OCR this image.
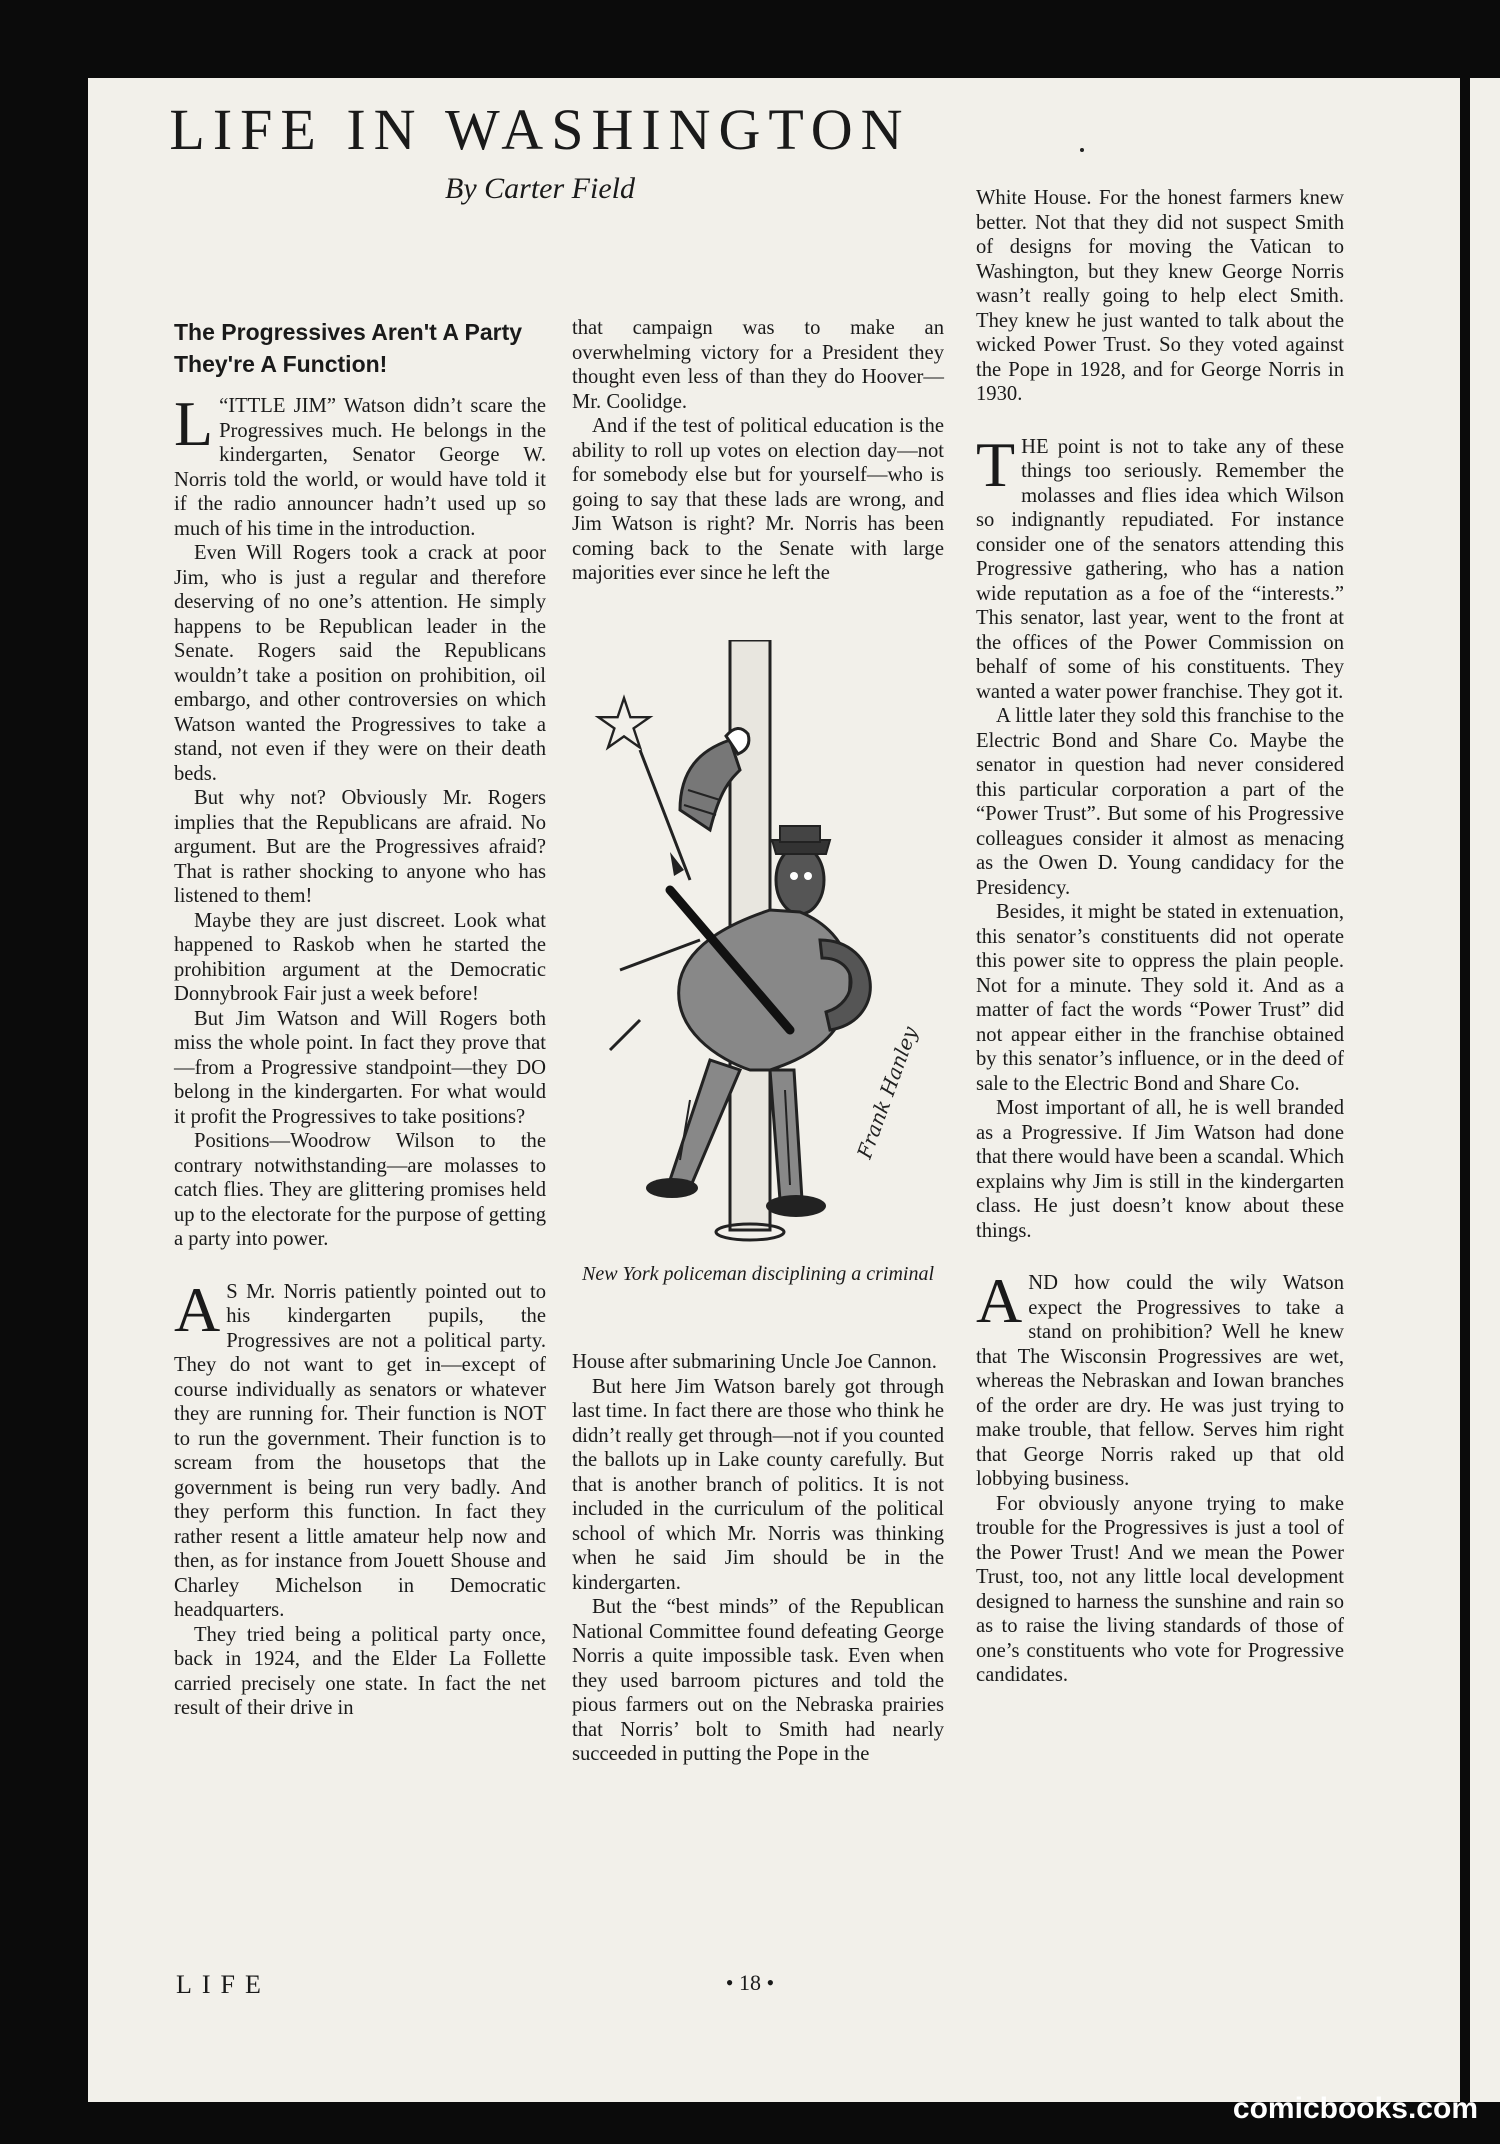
LIFE IN WASHINGTON
By Carter Field
The Progressives Aren't A Party They're A Function!

L “ITTLE JIM” Watson didn’t scare the Progressives much. He belongs in the kindergarten, Senator George W. Norris told the world, or would have told it if the radio announcer hadn’t used up so much of his time in the introduction.

Even Will Rogers took a crack at poor Jim, who is just a regular and therefore deserving of no one’s attention. He simply happens to be Republican leader in the Senate. Rogers said the Republicans wouldn’t take a position on prohibition, oil embargo, and other controversies on which Watson wanted the Progressives to take a stand, not even if they were on their death beds.

But why not? Obviously Mr. Rogers implies that the Republicans are afraid. No argument. But are the Progressives afraid? That is rather shocking to anyone who has listened to them!

Maybe they are just discreet. Look what happened to Raskob when he started the prohibition argument at the Democratic Donnybrook Fair just a week before!

But Jim Watson and Will Rogers both miss the whole point. In fact they prove that—from a Progressive standpoint—they DO belong in the kindergarten. For what would it profit the Progressives to take positions?

Positions—Woodrow Wilson to the contrary notwithstanding—are molasses to catch flies. They are glittering promises held up to the electorate for the purpose of getting a party into power.

A S Mr. Norris patiently pointed out to his kindergarten pupils, the Progressives are not a political party. They do not want to get in—except of course individually as senators or whatever they are running for. Their function is NOT to run the government. Their function is to scream from the housetops that the government is being run very badly. And they perform this function. In fact they rather resent a little amateur help now and then, as for instance from Jouett Shouse and Charley Michelson in Democratic headquarters.

They tried being a political party once, back in 1924, and the Elder La Follette carried precisely one state. In fact the net result of their drive in

that campaign was to make an overwhelming victory for a President they thought even less of than they do Hoover—Mr. Coolidge.

And if the test of political education is the ability to roll up votes on election day—not for somebody else but for yourself—who is going to say that these lads are wrong, and Jim Watson is right? Mr. Norris has been coming back to the Senate with large majorities ever since he left the

Frank Hanley
New York policeman disciplining a criminal

House after submarining Uncle Joe Cannon.

But here Jim Watson barely got through last time. In fact there are those who think he didn’t really get through—not if you counted the ballots up in Lake county carefully. But that is another branch of politics. It is not included in the curriculum of the political school of which Mr. Norris was thinking when he said Jim should be in the kindergarten.

But the “best minds” of the Republican National Committee found defeating George Norris a quite impossible task. Even when they used barroom pictures and told the pious farmers out on the Nebraska prairies that Norris’ bolt to Smith had nearly succeeded in putting the Pope in the

White House. For the honest farmers knew better. Not that they did not suspect Smith of designs for moving the Vatican to Washington, but they knew George Norris wasn’t really going to help elect Smith. They knew he just wanted to talk about the wicked Power Trust. So they voted against the Pope in 1928, and for George Norris in 1930.

THE point is not to take any of these things too seriously. Remember the molasses and flies idea which Wilson so indignantly repudiated. For instance consider one of the senators attending this Progressive gathering, who has a nation wide reputation as a foe of the “interests.” This senator, last year, went to the front at the offices of the Power Commission on behalf of some of his constituents. They wanted a water power franchise. They got it.

A little later they sold this franchise to the Electric Bond and Share Co. Maybe the senator in question had never considered this particular corporation a part of the “Power Trust”. But some of his Progressive colleagues consider it almost as menacing as the Owen D. Young candidacy for the Presidency.

Besides, it might be stated in extenuation, this senator’s constituents did not operate this power site to oppress the plain people. Not for a minute. They sold it. And as a matter of fact the words “Power Trust” did not appear either in the franchise obtained by this senator’s influence, or in the deed of sale to the Electric Bond and Share Co.

Most important of all, he is well branded as a Progressive. If Jim Watson had done that there would have been a scandal. Which explains why Jim is still in the kindergarten class. He just doesn’t know about these things.

AND how could the wily Watson expect the Progressives to take a stand on prohibition? Well he knew that The Wisconsin Progressives are wet, whereas the Nebraskan and Iowan branches of the order are dry. He was just trying to make trouble, that fellow. Serves him right that George Norris raked up that old lobbying business.

For obviously anyone trying to make trouble for the Progressives is just a tool of the Power Trust! And we mean the Power Trust, too, not any little local development designed to harness the sunshine and rain so as to raise the living standards of those of one’s constituents who vote for Progressive candidates.

LIFE	• 18 •
comicbooks.com
